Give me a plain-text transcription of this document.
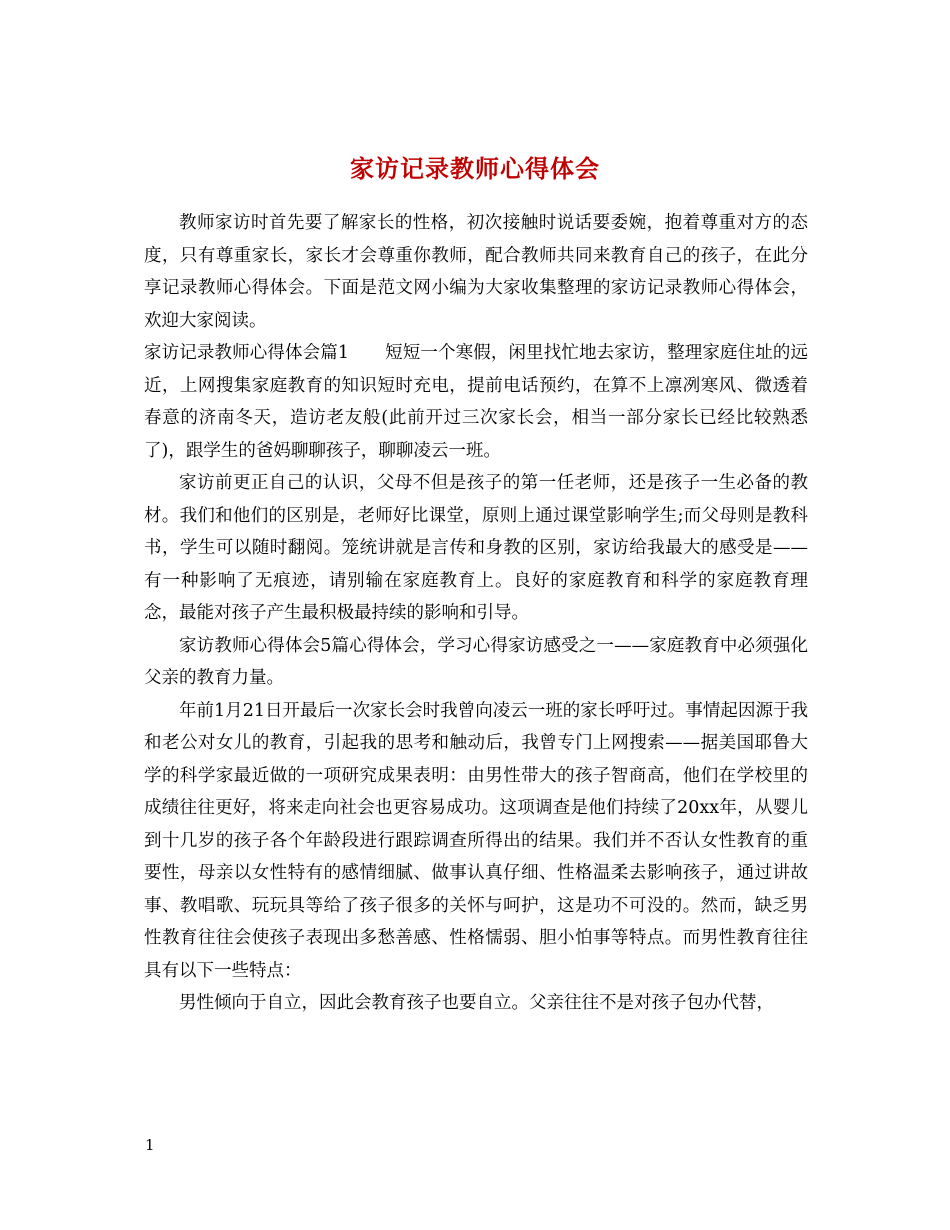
家访记录教师心得体会

教师家访时首先要了解家长的性格，初次接触时说话要委婉，抱着尊重对方的态度，只有尊重家长，家长才会尊重你教师，配合教师共同来教育自己的孩子，在此分享记录教师心得体会。下面是范文网小编为大家收集整理的家访记录教师心得体会，欢迎大家阅读。

家访记录教师心得体会篇1 短短一个寒假，闲里找忙地去家访，整理家庭住址的远近，上网搜集家庭教育的知识短时充电，提前电话预约，在算不上凛冽寒风、微透着春意的济南冬天，造访老友般(此前开过三次家长会，相当一部分家长已经比较熟悉了)，跟学生的爸妈聊聊孩子，聊聊凌云一班。

家访前更正自己的认识，父母不但是孩子的第一任老师，还是孩子一生必备的教材。我们和他们的区别是，老师好比课堂，原则上通过课堂影响学生;而父母则是教科书，学生可以随时翻阅。笼统讲就是言传和身教的区别，家访给我最大的感受是——有一种影响了无痕迹，请别输在家庭教育上。良好的家庭教育和科学的家庭教育理念，最能对孩子产生最积极最持续的影响和引导。

家访教师心得体会5篇心得体会，学习心得家访感受之一——家庭教育中必须强化父亲的教育力量。

年前1月21日开最后一次家长会时我曾向凌云一班的家长呼吁过。事情起因源于我和老公对女儿的教育，引起我的思考和触动后，我曾专门上网搜索——据美国耶鲁大学的科学家最近做的一项研究成果表明：由男性带大的孩子智商高，他们在学校里的成绩往往更好，将来走向社会也更容易成功。这项调查是他们持续了20xx年，从婴儿到十几岁的孩子各个年龄段进行跟踪调查所得出的结果。我们并不否认女性教育的重要性，母亲以女性特有的感情细腻、做事认真仔细、性格温柔去影响孩子，通过讲故事、教唱歌、玩玩具等给了孩子很多的关怀与呵护，这是功不可没的。然而，缺乏男性教育往往会使孩子表现出多愁善感、性格懦弱、胆小怕事等特点。而男性教育往往具有以下一些特点：

男性倾向于自立，因此会教育孩子也要自立。父亲往往不是对孩子包办代替，

1
